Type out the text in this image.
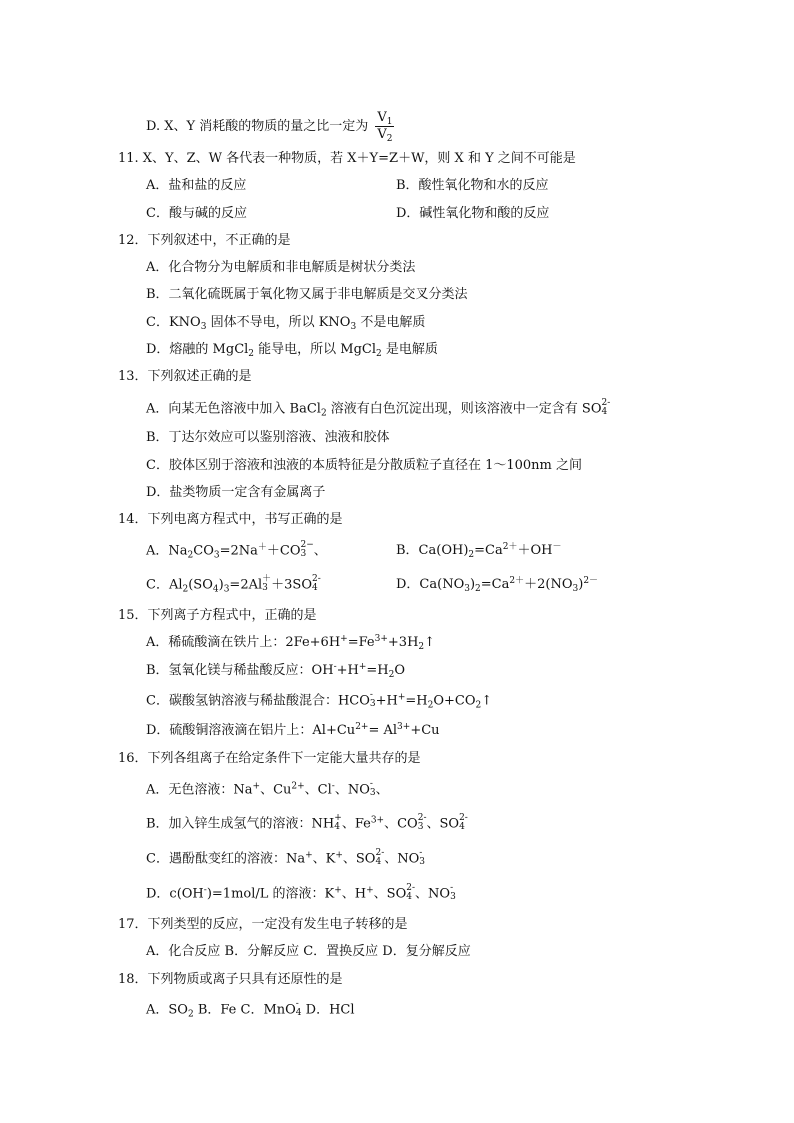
D. X、Y 消耗酸的物质的量之比一定为 $\frac{V_1}{V_2}$
11. X、Y、Z、W 各代表一种物质，若 X＋Y=Z＋W，则 X 和 Y 之间不可能是
A．盐和盐的反应	B．酸性氧化物和水的反应
C．酸与碱的反应	D．碱性氧化物和酸的反应
12．下列叙述中，不正确的是
A．化合物分为电解质和非电解质是树状分类法
B．二氧化硫既属于氧化物又属于非电解质是交叉分类法
C．$KNO_3$ 固体不导电，所以 $KNO_3$ 不是电解质
D．熔融的 MgCl$_2$ 能导电，所以 MgCl$_2$ 是电解质
13．下列叙述正确的是
A．向某无色溶液中加入 BaCl$_2$ 溶液有白色沉淀出现，则该溶液中一定含有 SO 2-
4
B．丁达尔效应可以鉴别溶液、浊液和胶体
C．胶体区别于溶液和浊液的本质特征是分散质粒子直径在 1～100nm 之间
D．盐类物质一定含有金属离子
14．下列电离方程式中，书写正确的是
A．$Na_2CO_3=2Na^++CO$ 2−
3 、	B．$Ca(OH)_2=Ca^{2+}+OH^-$
C．$Al_2(SO_4)_3=2Al$ ＋
3 ＋3SO 2-
4	D．$Ca(NO_3)_2=Ca^{2+}+2(NO_3)^{2-}$
15．下列离子方程式中，正确的是
A．稀硫酸滴在铁片上：$2Fe+6H^+=Fe^{3+}+3H_2↑$
B．氢氧化镁与稀盐酸反应：$OH^-+H^+=H_2O$
C．碳酸氢钠溶液与稀盐酸混合：HCO -
$3 +H^+=H_2O+CO_2↑$
D．硫酸铜溶液滴在铝片上：$Al+Cu^{2+}= Al^{3+}+Cu$
16．下列各组离子在给定条件下一定能大量共存的是
A．无色溶液：Na+、$Cu^{2+}$、Cl-、NO -
3 、
B．加入锌生成氢气的溶液：NH +
4 、$Fe^{3+}$、CO 2-
3 、SO 2-
4
C．遇酚酞变红的溶液：Na+、K+、SO 2-
4 、NO -
3
D．c(OH-)=1mol/L 的溶液：K+、H+、SO 2-
4 、NO -
3
17．下列类型的反应，一定没有发生电子转移的是
A．化合反应 B．分解反应 C．置换反应 D．复分解反应
18．下列物质或离子只具有还原性的是
A．$SO_2$ B．Fe C．MnO -
4 D．HCl
